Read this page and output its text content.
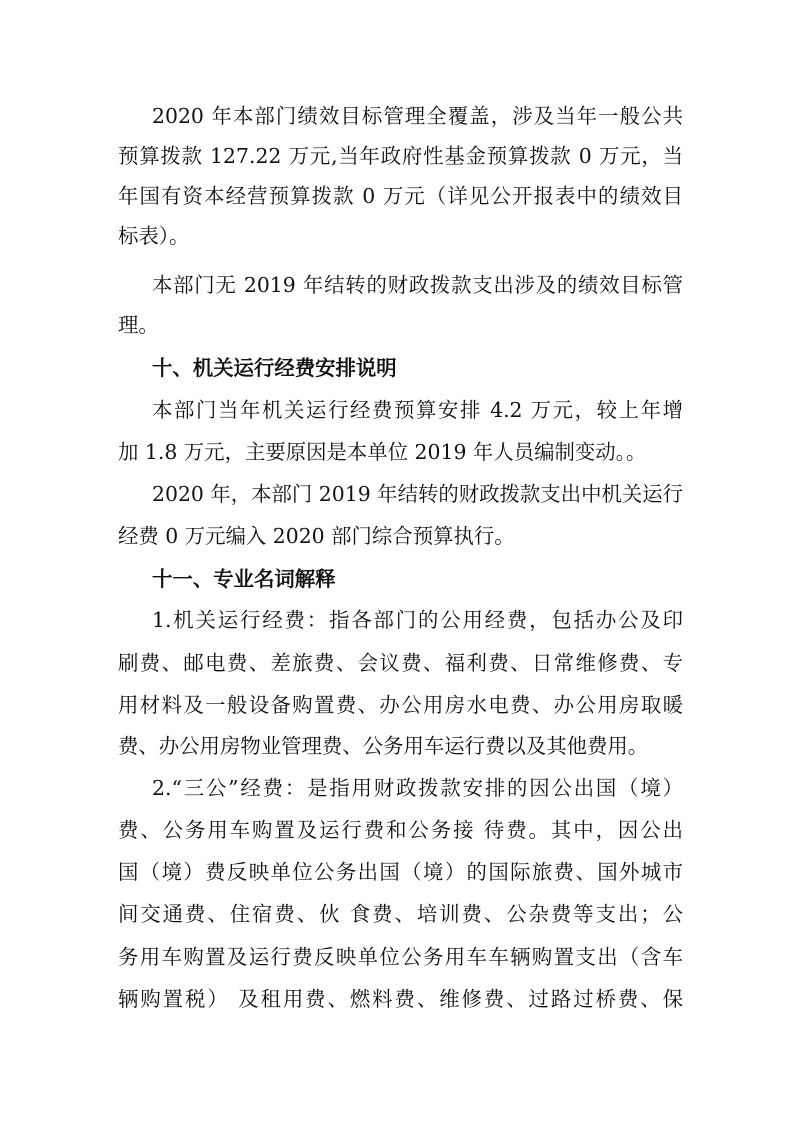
2020 年本部门绩效目标管理全覆盖，涉及当年一般公共
预算拨款 127.22 万元,当年政府性基金预算拨款 0 万元，当
年国有资本经营预算拨款 0 万元（详见公开报表中的绩效目
标表）。
本部门无 2019 年结转的财政拨款支出涉及的绩效目标管
理。
十、机关运行经费安排说明
本部门当年机关运行经费预算安排 4.2 万元，较上年增
加 1.8 万元，主要原因是本单位 2019 年人员编制变动。。
2020 年，本部门 2019 年结转的财政拨款支出中机关运行
经费 0 万元编入 2020 部门综合预算执行。
十一、专业名词解释
1.机关运行经费：指各部门的公用经费，包括办公及印
刷费、邮电费、差旅费、会议费、福利费、日常维修费、专
用材料及一般设备购置费、办公用房水电费、办公用房取暖
费、办公用房物业管理费、公务用车运行费以及其他费用。
2.“三公”经费：是指用财政拨款安排的因公出国（境）
费、公务用车购置及运行费和公务接 待费。其中，因公出
国（境）费反映单位公务出国（境）的国际旅费、国外城市
间交通费、住宿费、伙 食费、培训费、公杂费等支出；公
务用车购置及运行费反映单位公务用车车辆购置支出（含车
辆购置税） 及租用费、燃料费、维修费、过路过桥费、保
